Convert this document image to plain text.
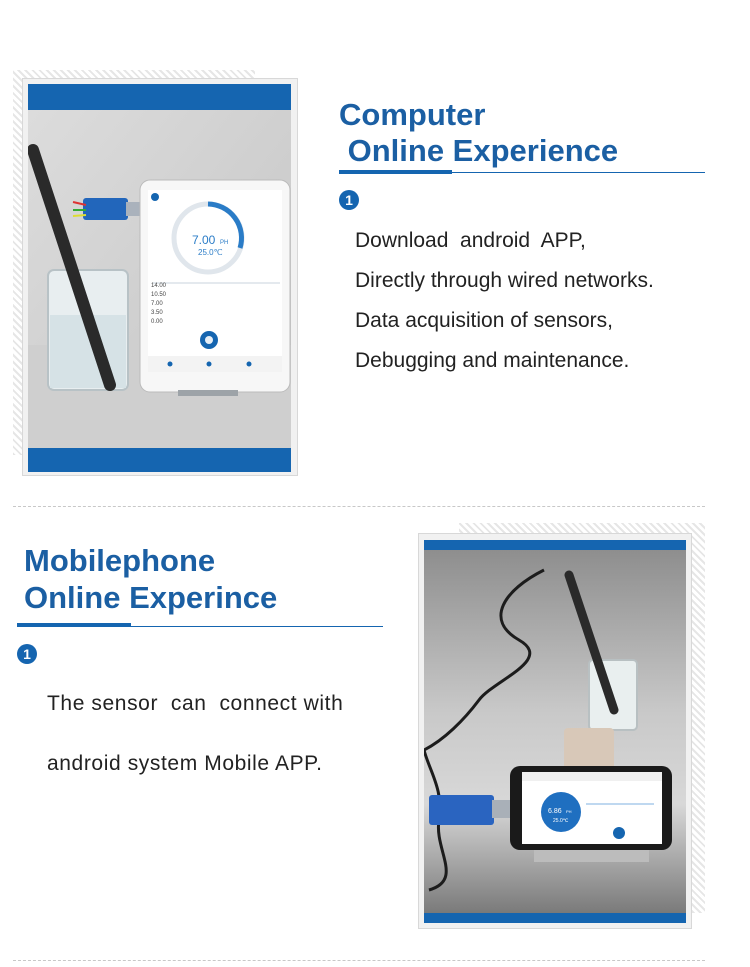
7.00 PH
25.0℃
14.00
10.50
7.00
3.50
0.00
Computer
Online Experience
1
Download  android  APP,
Directly through wired networks.
Data acquisition of sensors,
Debugging and maintenance.
Mobilephone
Online Experince
1
The sensor  can  connect with
android system Mobile APP.
6.86 PH
25.0℃
